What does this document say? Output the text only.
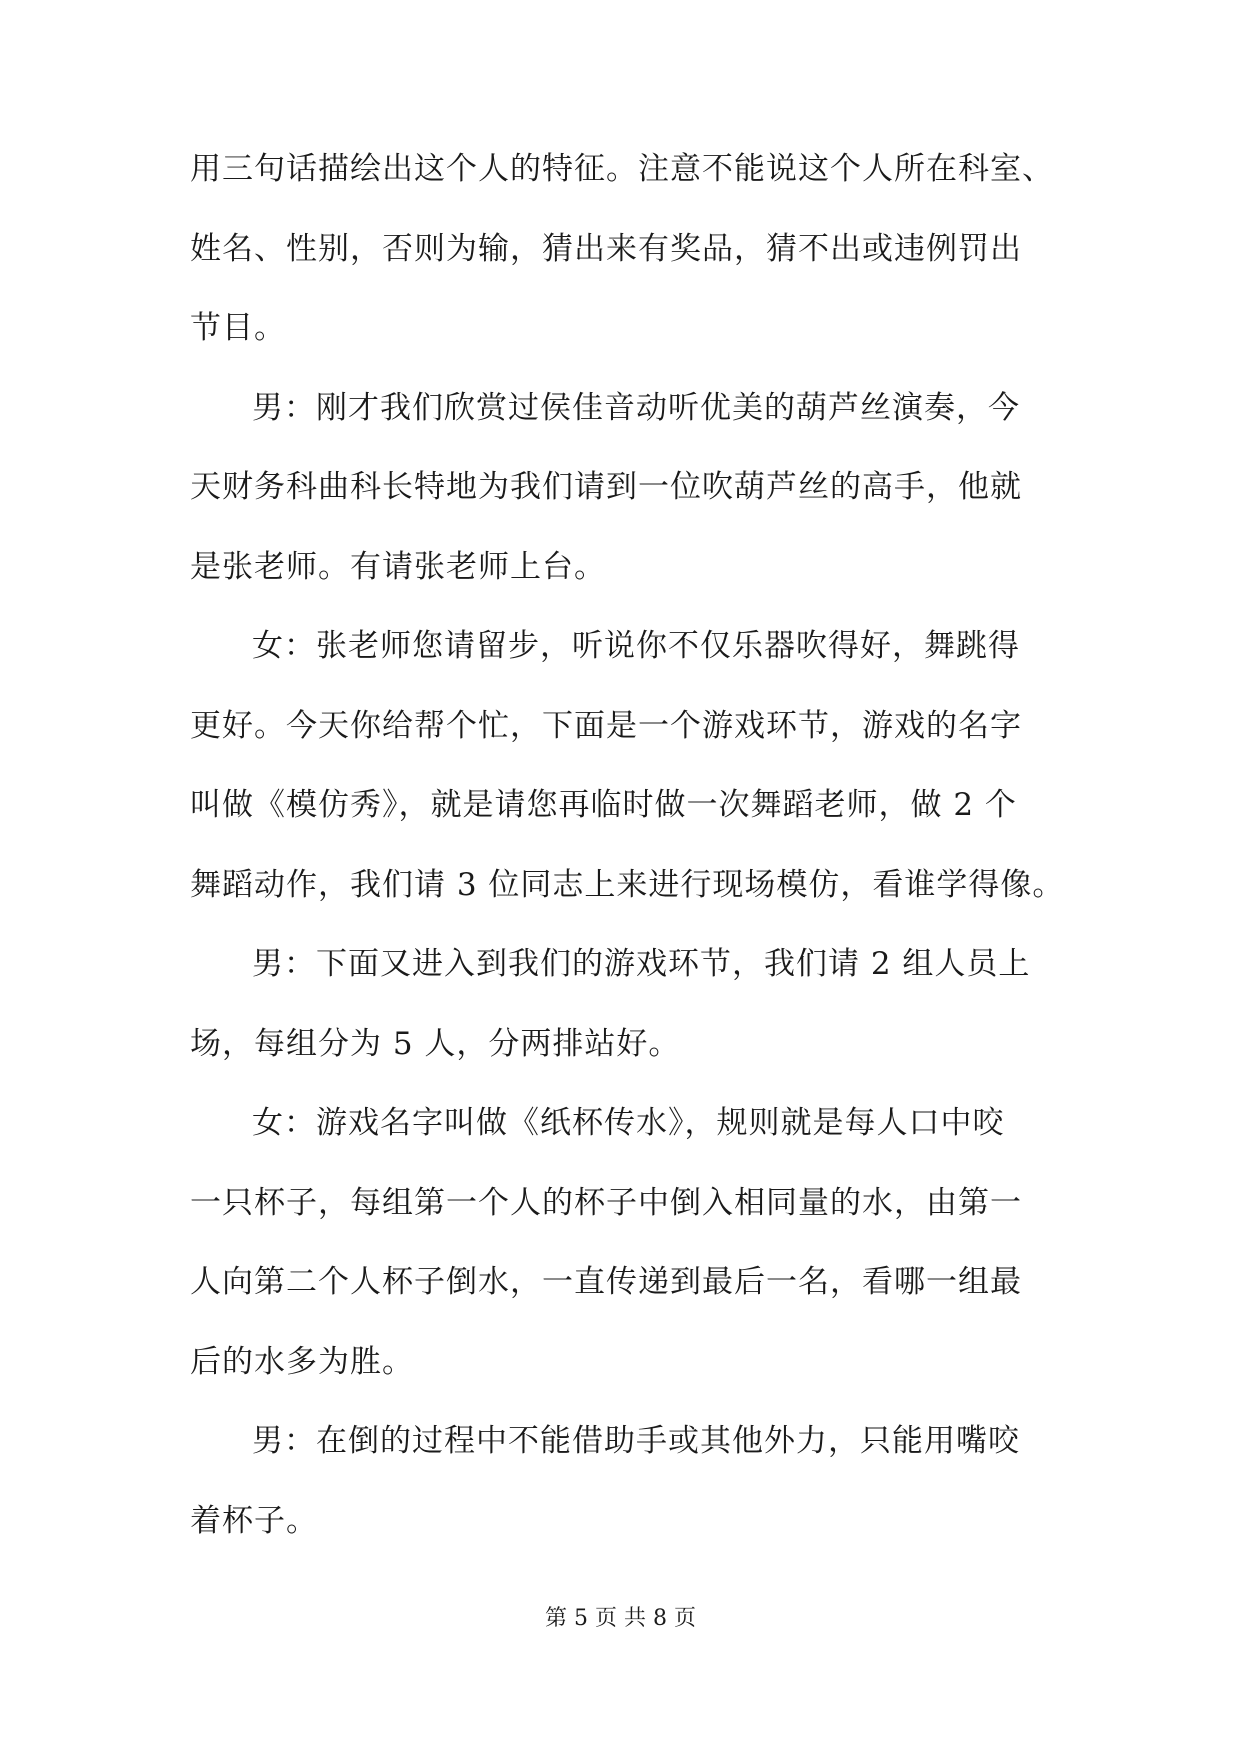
用三句话描绘出这个人的特征。注意不能说这个人所在科室、
姓名、性别，否则为输，猜出来有奖品，猜不出或违例罚出
节目。
男：刚才我们欣赏过侯佳音动听优美的葫芦丝演奏，今
天财务科曲科长特地为我们请到一位吹葫芦丝的高手，他就
是张老师。有请张老师上台。
女：张老师您请留步，听说你不仅乐器吹得好，舞跳得
更好。今天你给帮个忙，下面是一个游戏环节，游戏的名字
叫做《模仿秀》，就是请您再临时做一次舞蹈老师，做 2 个
舞蹈动作，我们请 3 位同志上来进行现场模仿，看谁学得像。
男：下面又进入到我们的游戏环节，我们请 2 组人员上
场，每组分为 5 人，分两排站好。
女：游戏名字叫做《纸杯传水》，规则就是每人口中咬
一只杯子，每组第一个人的杯子中倒入相同量的水，由第一
人向第二个人杯子倒水，一直传递到最后一名，看哪一组最
后的水多为胜。
男：在倒的过程中不能借助手或其他外力，只能用嘴咬
着杯子。
第 5 页 共 8 页
